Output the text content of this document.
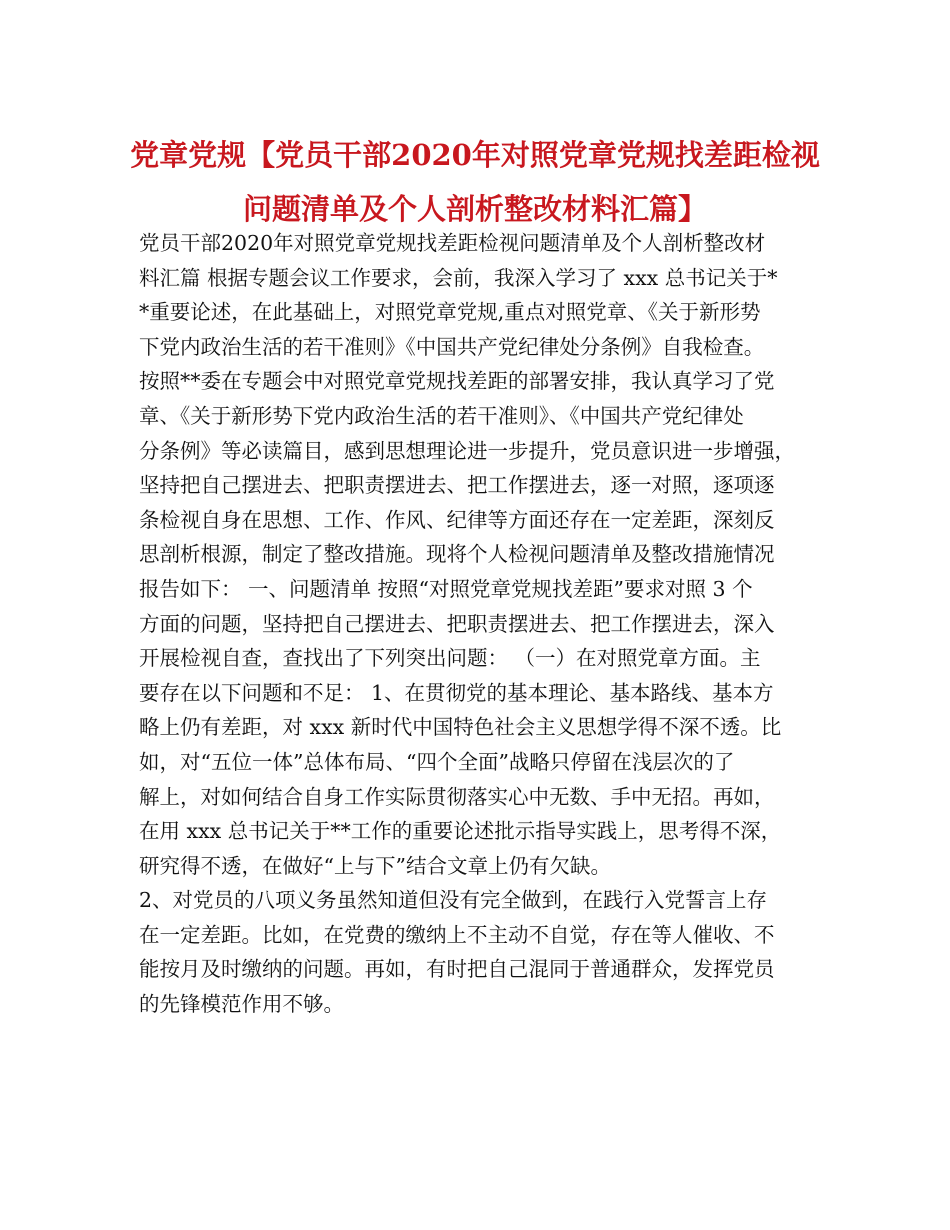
党章党规【党员干部2020年对照党章党规找差距检视
问题清单及个人剖析整改材料汇篇】
党员干部2020年对照党章党规找差距检视问题清单及个人剖析整改材
料汇篇 根据专题会议工作要求，会前，我深入学习了 xxx 总书记关于*
*重要论述，在此基础上，对照党章党规,重点对照党章、《关于新形势
下党内政治生活的若干准则》《中国共产党纪律处分条例》自我检查。
按照**委在专题会中对照党章党规找差距的部署安排，我认真学习了党
章、《关于新形势下党内政治生活的若干准则》、《中国共产党纪律处
分条例》等必读篇目，感到思想理论进一步提升，党员意识进一步增强，
坚持把自己摆进去、把职责摆进去、把工作摆进去，逐一对照，逐项逐
条检视自身在思想、工作、作风、纪律等方面还存在一定差距，深刻反
思剖析根源，制定了整改措施。现将个人检视问题清单及整改措施情况
报告如下： 一、问题清单 按照“对照党章党规找差距”要求对照 3 个
方面的问题，坚持把自己摆进去、把职责摆进去、把工作摆进去，深入
开展检视自查，查找出了下列突出问题： （一）在对照党章方面。主
要存在以下问题和不足： 1、在贯彻党的基本理论、基本路线、基本方
略上仍有差距，对 xxx 新时代中国特色社会主义思想学得不深不透。比
如，对“五位一体”总体布局、“四个全面”战略只停留在浅层次的了
解上，对如何结合自身工作实际贯彻落实心中无数、手中无招。再如，
在用 xxx 总书记关于**工作的重要论述批示指导实践上，思考得不深，
研究得不透，在做好“上与下”结合文章上仍有欠缺。
2、对党员的八项义务虽然知道但没有完全做到，在践行入党誓言上存
在一定差距。比如，在党费的缴纳上不主动不自觉，存在等人催收、不
能按月及时缴纳的问题。再如，有时把自己混同于普通群众，发挥党员
的先锋模范作用不够。
